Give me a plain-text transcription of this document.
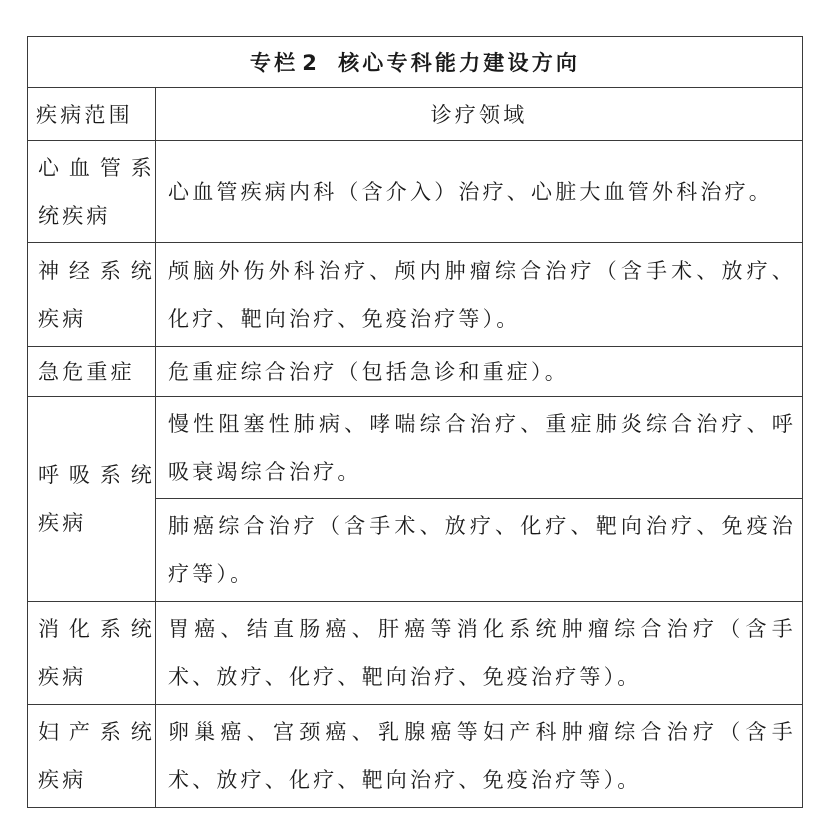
专栏 2 核心专科能力建设方向	
疾病范围	诊疗领域
心血管系统疾病	心血管疾病内科（含介入）治疗、心脏大血管外科治疗。
神经系统疾病	颅脑外伤外科治疗、颅内肿瘤综合治疗（含手术、放疗、化疗、靶向治疗、免疫治疗等）。
急危重症	危重症综合治疗（包括急诊和重症）。
呼吸系统疾病	慢性阻塞性肺病、哮喘综合治疗、重症肺炎综合治疗、呼吸衰竭综合治疗。
	肺癌综合治疗（含手术、放疗、化疗、靶向治疗、免疫治疗等）。
消化系统疾病	胃癌、结直肠癌、肝癌等消化系统肿瘤综合治疗（含手术、放疗、化疗、靶向治疗、免疫治疗等）。
妇产系统疾病	卵巢癌、宫颈癌、乳腺癌等妇产科肿瘤综合治疗（含手术、放疗、化疗、靶向治疗、免疫治疗等）。
